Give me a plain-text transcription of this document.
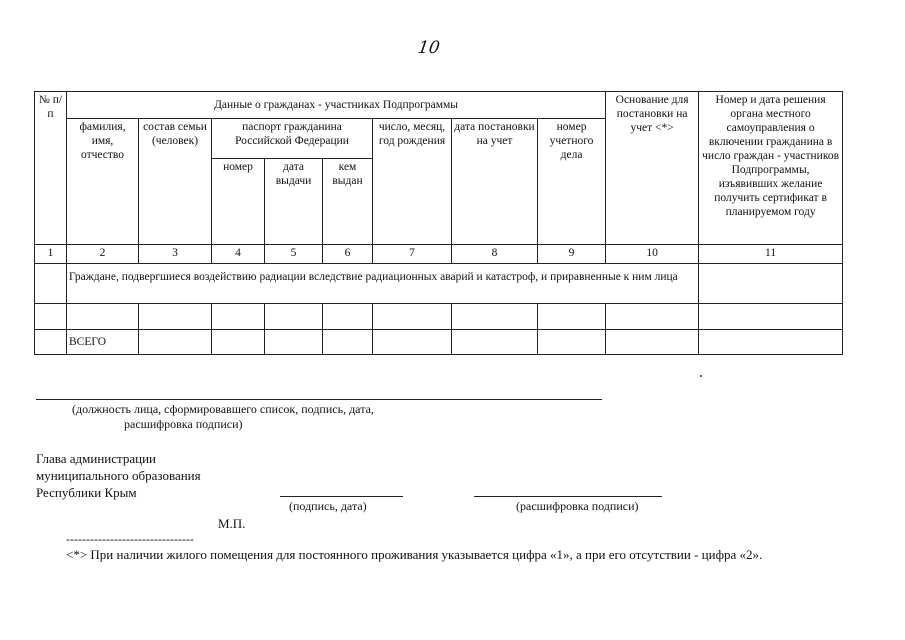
10
№ п/п	Данные о гражданах - участниках Подпрограммы								Основание для постановки на учет <*>	Номер и дата решения органа местного самоуправления о включении гражданина в число граждан - участников Подпрограммы, изъявивших желание получить сертификат в планируемом году
	фамилия, имя, отчество	состав семьи (человек)	паспорт гражданина Российской Федерации			число, месяц, год рождения	дата постановки на учет	номер учетного дела		
			номер	дата выдачи	кем выдан					
1	2	3	4	5	6	7	8	9	10	11
	Граждане, подвергшиеся воздействию радиации вследствие радиационных аварий и катастроф, и приравненные к ним лица									

	ВСЕГО									
(должность лица, сформировавшего список, подпись, дата,
расшифровка подписи)
Глава администрации
муниципального образования
Республики Крым
(подпись, дата)	(расшифровка подписи)
М.П.
--------------------------------
<*> При наличии жилого помещения для постоянного проживания указывается цифра «1», а при его отсутствии - цифра «2».
